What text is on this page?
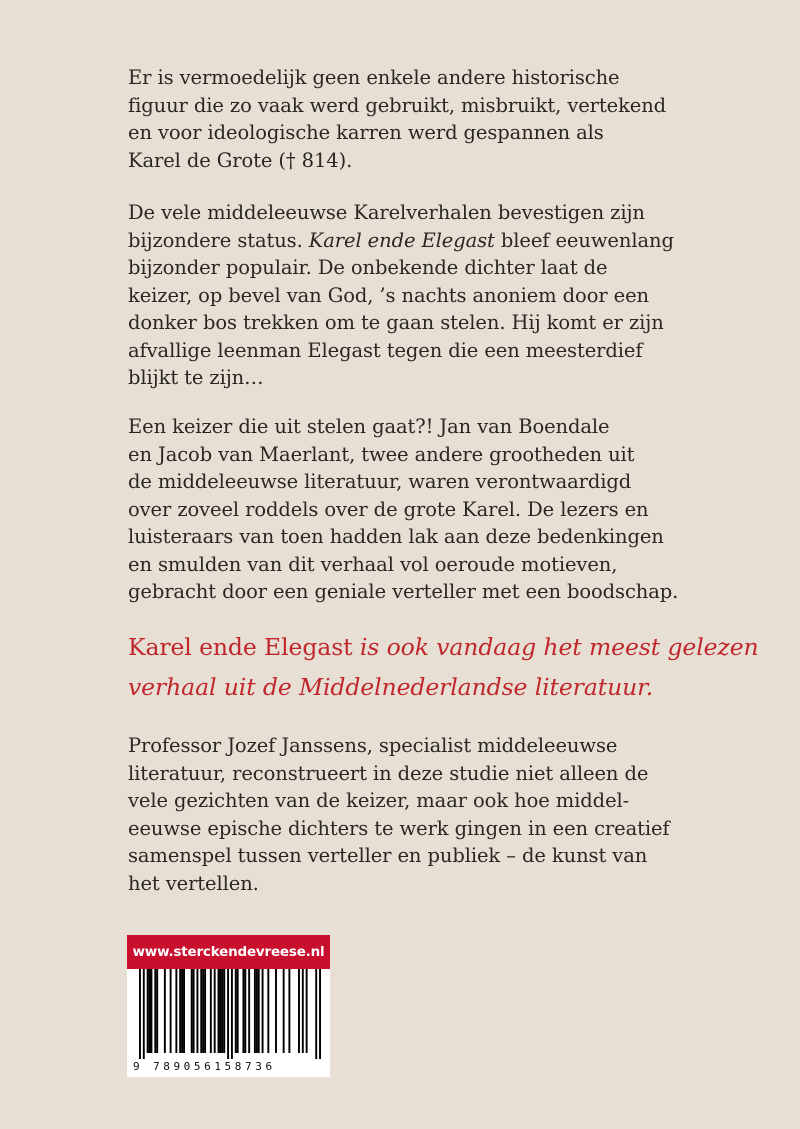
Er is vermoedelijk geen enkele andere historische
figuur die zo vaak werd gebruikt, misbruikt, vertekend
en voor ideologische karren werd gespannen als
Karel de Grote († 814).
De vele middeleeuwse Karelverhalen bevestigen zijn
bijzondere status. Karel ende Elegast bleef eeuwenlang
bijzonder populair. De onbekende dichter laat de
keizer, op bevel van God, ’s nachts anoniem door een
donker bos trekken om te gaan stelen. Hij komt er zijn
afvallige leenman Elegast tegen die een meesterdief
blijkt te zijn…
Een keizer die uit stelen gaat?! Jan van Boendale
en Jacob van Maerlant, twee andere grootheden uit
de middeleeuwse literatuur, waren verontwaardigd
over zoveel roddels over de grote Karel. De lezers en
luisteraars van toen hadden lak aan deze bedenkingen
en smulden van dit verhaal vol oeroude motieven,
gebracht door een geniale verteller met een boodschap.
Karel ende Elegast is ook vandaag het meest gelezen
verhaal uit de Middelnederlandse literatuur.
Professor Jozef Janssens, specialist middeleeuwse
literatuur, reconstrueert in deze studie niet alleen de
vele gezichten van de keizer, maar ook hoe middel-
eeuwse epische dichters te werk gingen in een creatief
samenspel tussen verteller en publiek – de kunst van
het vertellen.
www.sterckendevreese.nl
9 789056158736
